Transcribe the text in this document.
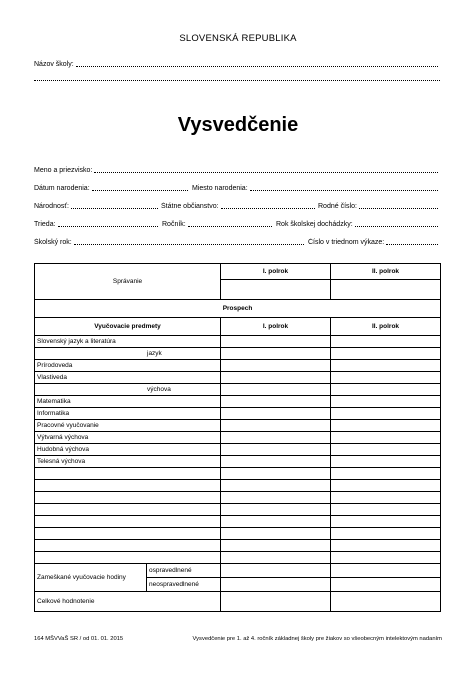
SLOVENSKÁ REPUBLIKA
Názov školy:
Vysvedčenie
Meno a priezvisko:
Dátum narodenia:	Miesto narodenia:
Národnosť:	Štátne občianstvo:	Rodné číslo:
Trieda:	Ročník:	Rok školskej dochádzky:
Školský rok:	Číslo v triednom výkaze:
Správanie		I. polrok	II. polrok

Prospech			
Vyučovacie predmety		I. polrok	II. polrok
Slovenský jazyk a literatúra			
jazyk			
Prírodoveda			
Vlastiveda			
výchova			
Matematika			
Informatika			
Pracovné vyučovanie			
Výtvarná výchova			
Hudobná výchova			
Telesná výchova			

Zameškané vyučovacie hodiny	ospravedlnené		
	neospravedlnené		
Celkové hodnotenie			
164 MŠVVaŠ SR / od 01. 01. 2015	Vysvedčenie pre 1. až 4. ročník základnej školy pre žiakov so všeobecným intelektovým nadaním
